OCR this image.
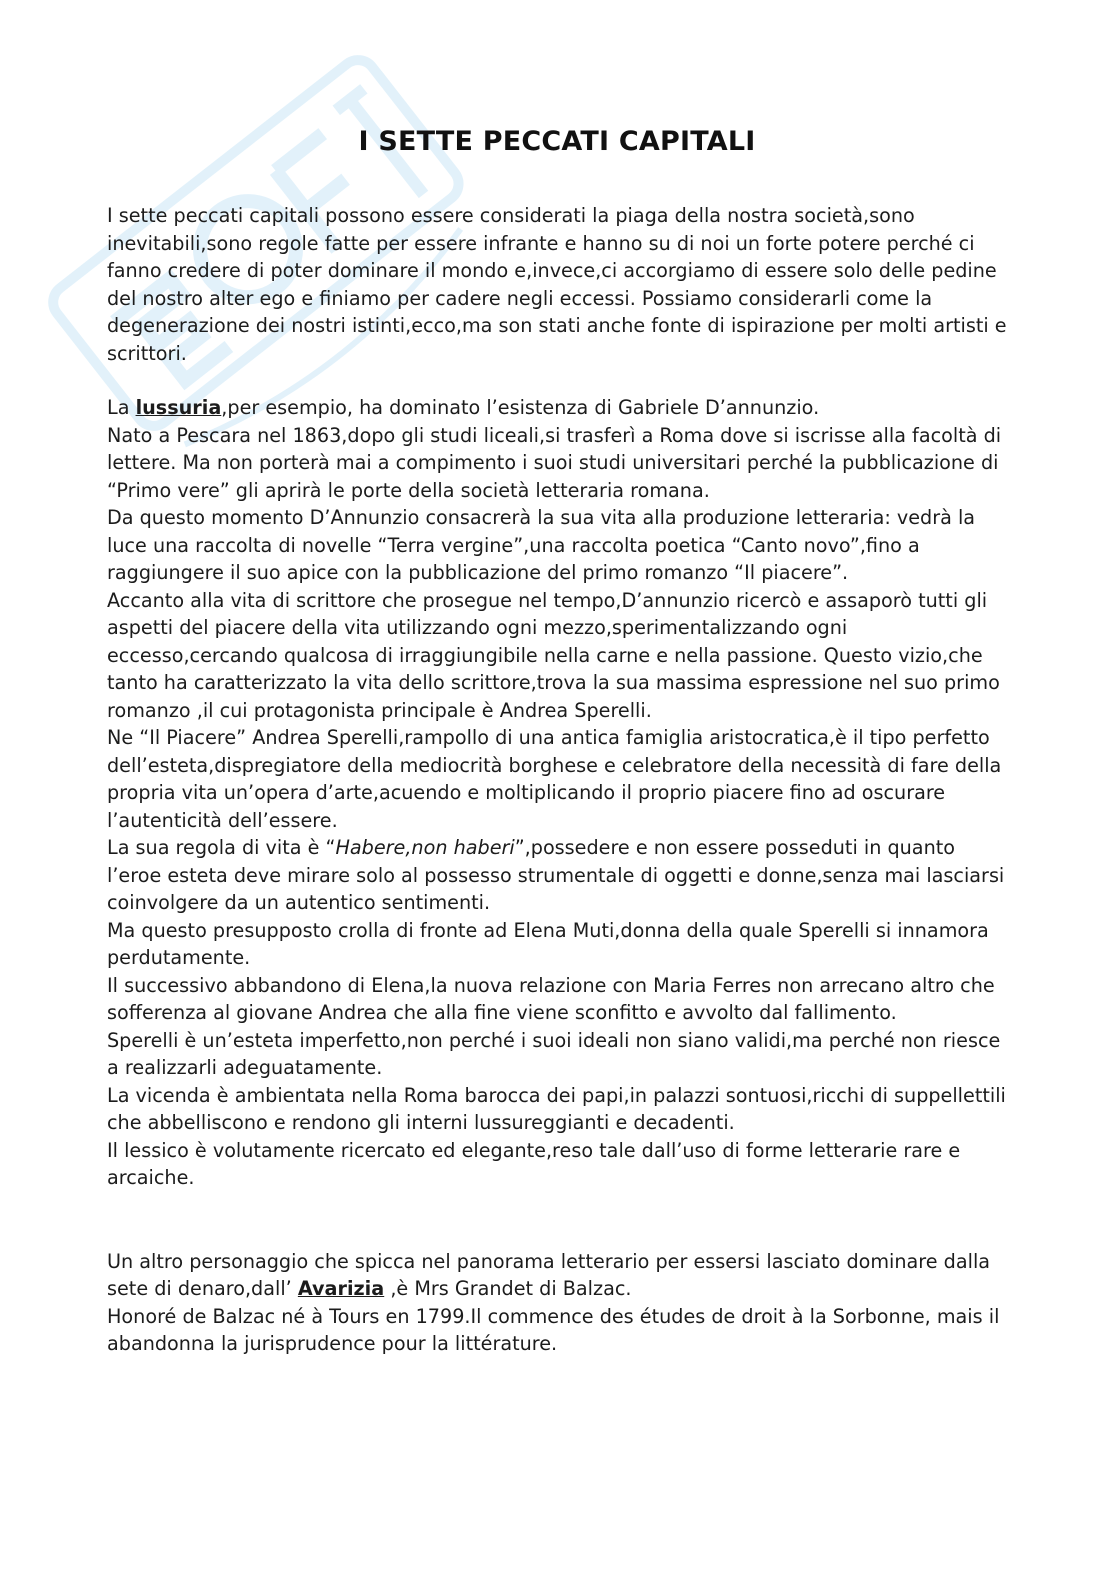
I SETTE PECCATI CAPITALI

I sette peccati capitali possono essere considerati la piaga della nostra società,sono inevitabili,sono regole fatte per essere infrante e hanno su di noi un forte potere perché ci fanno credere di poter dominare il mondo e,invece,ci accorgiamo di essere solo delle pedine del nostro alter ego e finiamo per cadere negli eccessi. Possiamo considerarli come la degenerazione dei nostri istinti,ecco,ma son stati anche fonte di ispirazione per molti artisti e scrittori.

La lussuria,per esempio, ha dominato l’esistenza di Gabriele D’annunzio.
Nato a Pescara nel 1863,dopo gli studi liceali,si trasferì a Roma dove si iscrisse alla facoltà di lettere. Ma non porterà mai a compimento i suoi studi universitari perché la pubblicazione di “Primo vere” gli aprirà le porte della società letteraria romana.
Da questo momento D’Annunzio consacrerà la sua vita alla produzione letteraria: vedrà la luce una raccolta di novelle “Terra vergine”,una raccolta poetica “Canto novo”,fino a raggiungere il suo apice con la pubblicazione del primo romanzo “Il piacere”.
Accanto alla vita di scrittore che prosegue nel tempo,D’annunzio ricercò e assaporò tutti gli aspetti del piacere della vita utilizzando ogni mezzo,sperimentalizzando ogni eccesso,cercando qualcosa di irraggiungibile nella carne e nella passione. Questo vizio,che tanto ha caratterizzato la vita dello scrittore,trova la sua massima espressione nel suo primo romanzo ,il cui protagonista principale è Andrea Sperelli.
Ne “Il Piacere” Andrea Sperelli,rampollo di una antica famiglia aristocratica,è il tipo perfetto dell’esteta,dispregiatore della mediocrità borghese e celebratore della necessità di fare della propria vita un’opera d’arte,acuendo e moltiplicando il proprio piacere fino ad oscurare l’autenticità dell’essere.
La sua regola di vita è “Habere,non haberi”,possedere e non essere posseduti in quanto l’eroe esteta deve mirare solo al possesso strumentale di oggetti e donne,senza mai lasciarsi coinvolgere da un autentico sentimenti.
Ma questo presupposto crolla di fronte ad Elena Muti,donna della quale Sperelli si innamora perdutamente.
Il successivo abbandono di Elena,la nuova relazione con Maria Ferres non arrecano altro che sofferenza al giovane Andrea che alla fine viene sconfitto e avvolto dal fallimento.
Sperelli è un’esteta imperfetto,non perché i suoi ideali non siano validi,ma perché non riesce a realizzarli adeguatamente.
La vicenda è ambientata nella Roma barocca dei papi,in palazzi sontuosi,ricchi di suppellettili che abbelliscono e rendono gli interni lussureggianti e decadenti.
Il lessico è volutamente ricercato ed elegante,reso tale dall’uso di forme letterarie rare e arcaiche.
Un altro personaggio che spicca nel panorama letterario per essersi lasciato dominare dalla sete di denaro,dall’ Avarizia ,è Mrs Grandet di Balzac.
Honoré de Balzac né à Tours en 1799.Il commence des études de droit à la Sorbonne, mais il abandonna la jurisprudence pour la littérature.
